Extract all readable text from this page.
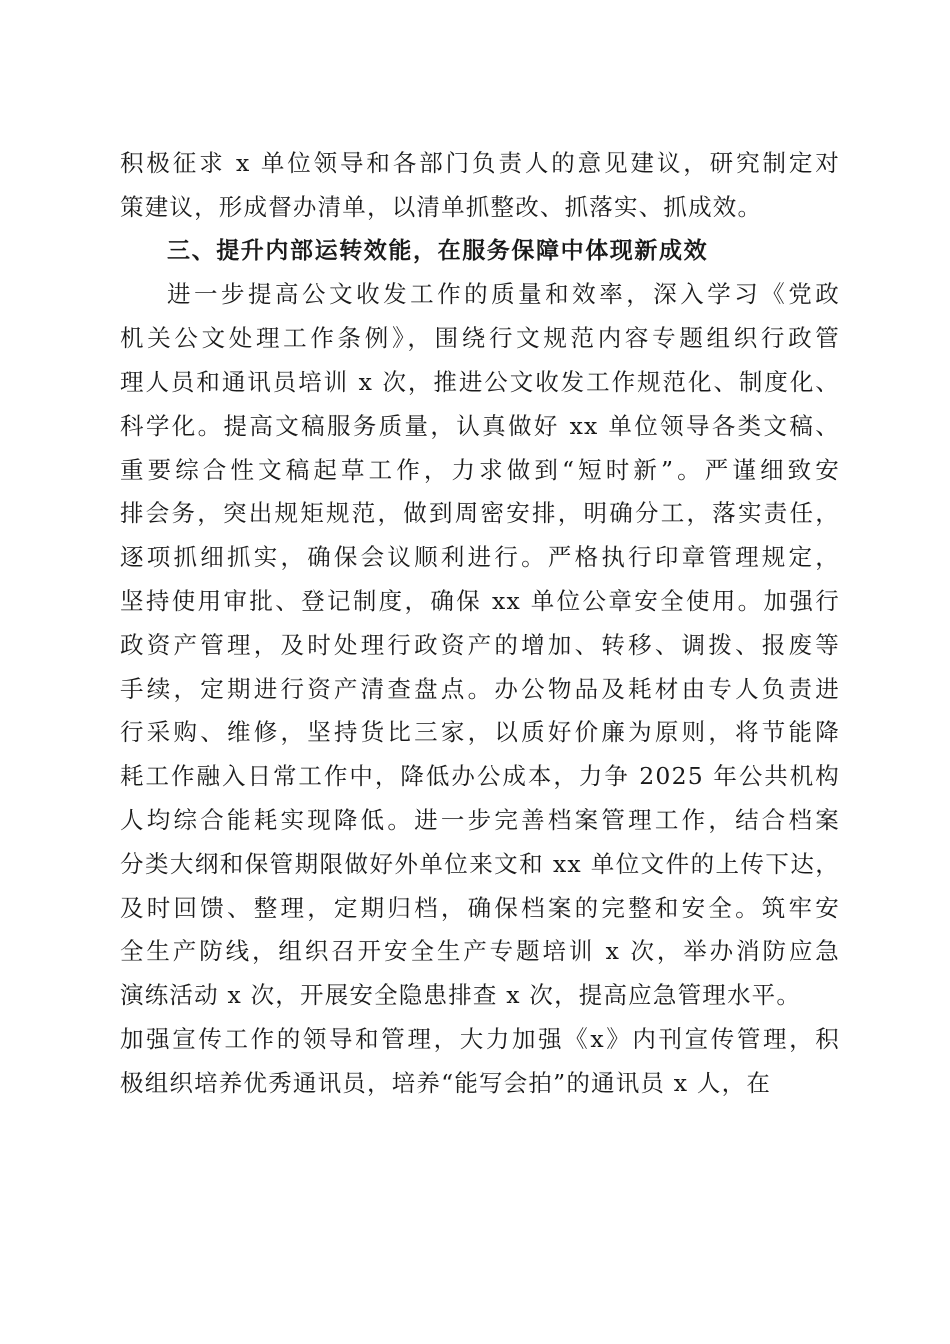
积极征求 x 单位领导和各部门负责人的意见建议，研究制定对
策建议，形成督办清单，以清单抓整改、抓落实、抓成效。
三、提升内部运转效能，在服务保障中体现新成效
进一步提高公文收发工作的质量和效率，深入学习《党政
机关公文处理工作条例》，围绕行文规范内容专题组织行政管
理人员和通讯员培训 x 次，推进公文收发工作规范化、制度化、
科学化。提高文稿服务质量，认真做好 xx 单位领导各类文稿、
重要综合性文稿起草工作，力求做到“短时新”。严谨细致安
排会务，突出规矩规范，做到周密安排，明确分工，落实责任，
逐项抓细抓实，确保会议顺利进行。严格执行印章管理规定，
坚持使用审批、登记制度，确保 xx 单位公章安全使用。加强行
政资产管理，及时处理行政资产的增加、转移、调拨、报废等
手续，定期进行资产清查盘点。办公物品及耗材由专人负责进
行采购、维修，坚持货比三家，以质好价廉为原则，将节能降
耗工作融入日常工作中，降低办公成本，力争 2025 年公共机构
人均综合能耗实现降低。进一步完善档案管理工作，结合档案
分类大纲和保管期限做好外单位来文和 xx 单位文件的上传下达，
及时回馈、整理，定期归档，确保档案的完整和安全。筑牢安
全生产防线，组织召开安全生产专题培训 x 次，举办消防应急
演练活动 x 次，开展安全隐患排查 x 次，提高应急管理水平。
加强宣传工作的领导和管理，大力加强《x》内刊宣传管理，积
极组织培养优秀通讯员，培养“能写会拍”的通讯员 x 人，在
